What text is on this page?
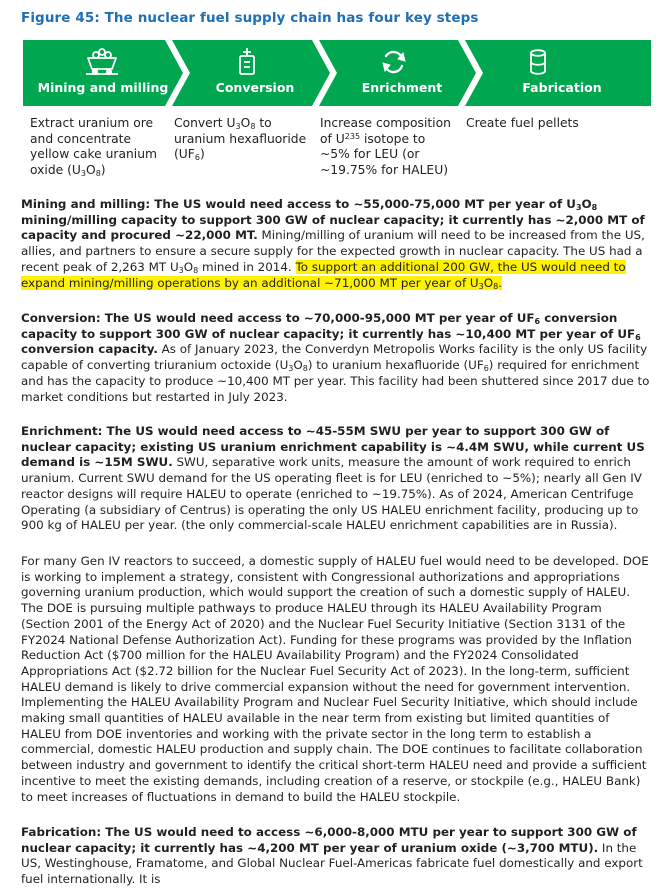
Figure 45: The nuclear fuel supply chain has four key steps
Mining and milling	Conversion	Enrichment	Fabrication
Extract uranium ore and concentrate yellow cake uranium oxide $(U_3O_8)$
Convert $U_3O_8$ to uranium hexafluoride $(UF_6)$
Increase composition of $U^{235}$ isotope to ~5% for LEU (or ~19.75% for HALEU)
Create fuel pellets
Mining and milling: The US would need access to ~55,000-75,000 MT per year of $U_3O_8$ mining/milling capacity to support 300 GW of nuclear capacity; it currently has ~2,000 MT of capacity and procured ~22,000 MT. Mining/milling of uranium will need to be increased from the US, allies, and partners to ensure a secure supply for the expected growth in nuclear capacity. The US had a recent peak of 2,263 MT $U_3O_8$ mined in 2014. To support an additional 200 GW, the US would need to expand mining/milling operations by an additional ~71,000 MT per year of $U_3O_8$.
Conversion: The US would need access to ~70,000-95,000 MT per year of $UF_6$ conversion capacity to support 300 GW of nuclear capacity; it currently has ~10,400 MT per year of $UF_6$ conversion capacity. As of January 2023, the Converdyn Metropolis Works facility is the only US facility capable of converting triuranium octoxide $(U_3O_8)$ to uranium hexafluoride $(UF_6)$ required for enrichment and has the capacity to produce ~10,400 MT per year. This facility had been shuttered since 2017 due to market conditions but restarted in July 2023.
Enrichment: The US would need access to ~45-55M SWU per year to support 300 GW of nuclear capacity; existing US uranium enrichment capability is ~4.4M SWU, while current US demand is ~15M SWU. SWU, separative work units, measure the amount of work required to enrich uranium. Current SWU demand for the US operating fleet is for LEU (enriched to ~5%); nearly all Gen IV reactor designs will require HALEU to operate (enriched to ~19.75%). As of 2024, American Centrifuge Operating (a subsidiary of Centrus) is operating the only US HALEU enrichment facility, producing up to 900 kg of HALEU per year. (the only commercial-scale HALEU enrichment capabilities are in Russia).
For many Gen IV reactors to succeed, a domestic supply of HALEU fuel would need to be developed. DOE is working to implement a strategy, consistent with Congressional authorizations and appropriations governing uranium production, which would support the creation of such a domestic supply of HALEU. The DOE is pursuing multiple pathways to produce HALEU through its HALEU Availability Program (Section 2001 of the Energy Act of 2020) and the Nuclear Fuel Security Initiative (Section 3131 of the FY2024 National Defense Authorization Act). Funding for these programs was provided by the Inflation Reduction Act ($700 million for the HALEU Availability Program) and the FY2024 Consolidated Appropriations Act ($2.72 billion for the Nuclear Fuel Security Act of 2023). In the long-term, sufficient HALEU demand is likely to drive commercial expansion without the need for government intervention. Implementing the HALEU Availability Program and Nuclear Fuel Security Initiative, which should include making small quantities of HALEU available in the near term from existing but limited quantities of HALEU from DOE inventories and working with the private sector in the long term to establish a commercial, domestic HALEU production and supply chain. The DOE continues to facilitate collaboration between industry and government to identify the critical short-term HALEU need and provide a sufficient incentive to meet the existing demands, including creation of a reserve, or stockpile (e.g., HALEU Bank) to meet increases of fluctuations in demand to build the HALEU stockpile.
Fabrication: The US would need to access ~6,000-8,000 MTU per year to support 300 GW of nuclear capacity; it currently has ~4,200 MT per year of uranium oxide (~3,700 MTU). In the US, Westinghouse, Framatome, and Global Nuclear Fuel-Americas fabricate fuel domestically and export fuel internationally. It is
